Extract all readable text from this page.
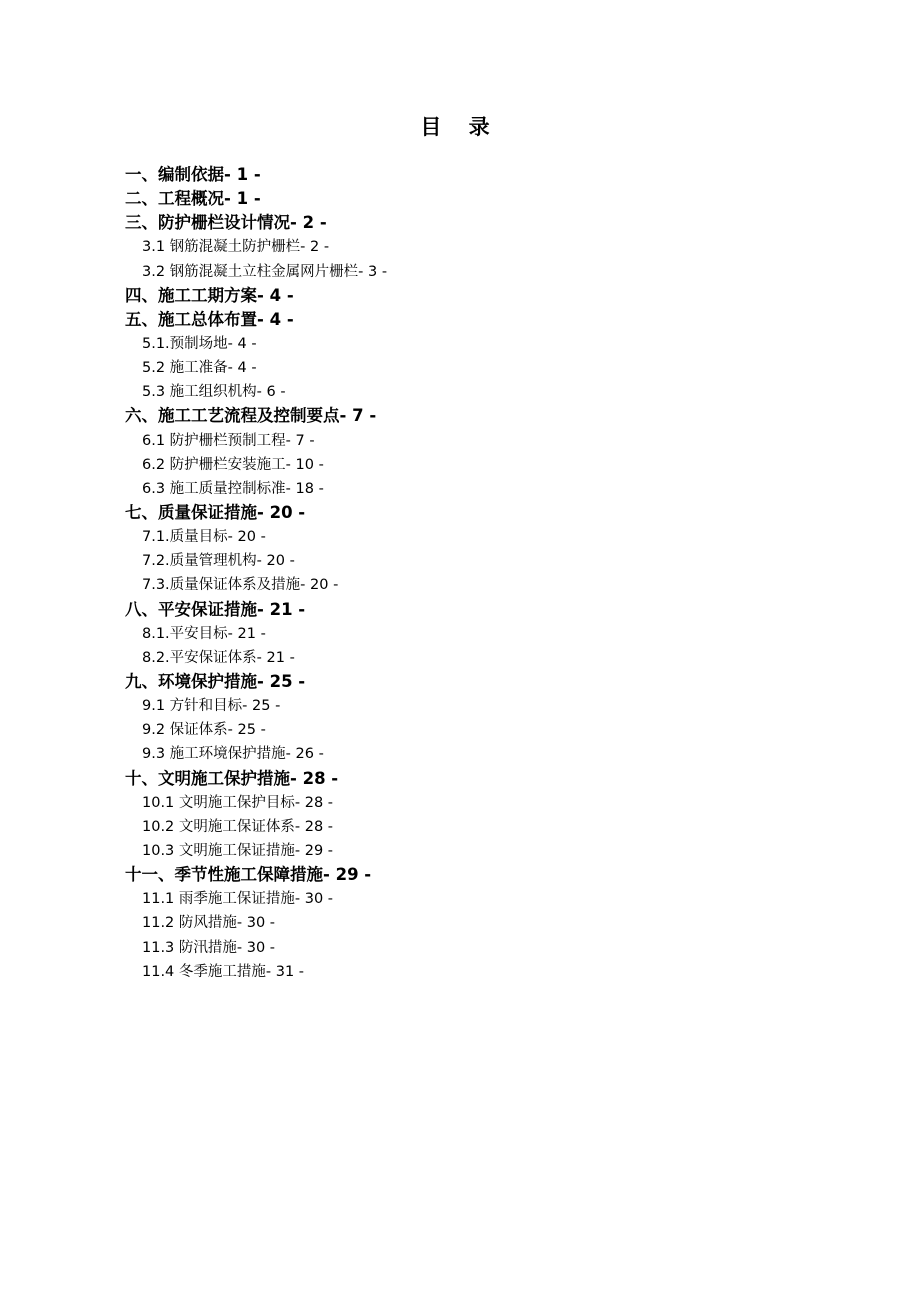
目 录
一、编制依据- 1 -
二、工程概况- 1 -
三、防护栅栏设计情况- 2 -
3.1 钢筋混凝土防护栅栏- 2 -
3.2 钢筋混凝土立柱金属网片栅栏- 3 -
四、施工工期方案- 4 -
五、施工总体布置- 4 -
5.1.预制场地- 4 -
5.2 施工准备- 4 -
5.3 施工组织机构- 6 -
六、施工工艺流程及控制要点- 7 -
6.1 防护栅栏预制工程- 7 -
6.2 防护栅栏安装施工- 10 -
6.3 施工质量控制标准- 18 -
七、质量保证措施- 20 -
7.1.质量目标- 20 -
7.2.质量管理机构- 20 -
7.3.质量保证体系及措施- 20 -
八、平安保证措施- 21 -
8.1.平安目标- 21 -
8.2.平安保证体系- 21 -
九、环境保护措施- 25 -
9.1 方针和目标- 25 -
9.2 保证体系- 25 -
9.3 施工环境保护措施- 26 -
十、文明施工保护措施- 28 -
10.1 文明施工保护目标- 28 -
10.2 文明施工保证体系- 28 -
10.3 文明施工保证措施- 29 -
十一、季节性施工保障措施- 29 -
11.1 雨季施工保证措施- 30 -
11.2 防风措施- 30 -
11.3 防汛措施- 30 -
11.4 冬季施工措施- 31 -
